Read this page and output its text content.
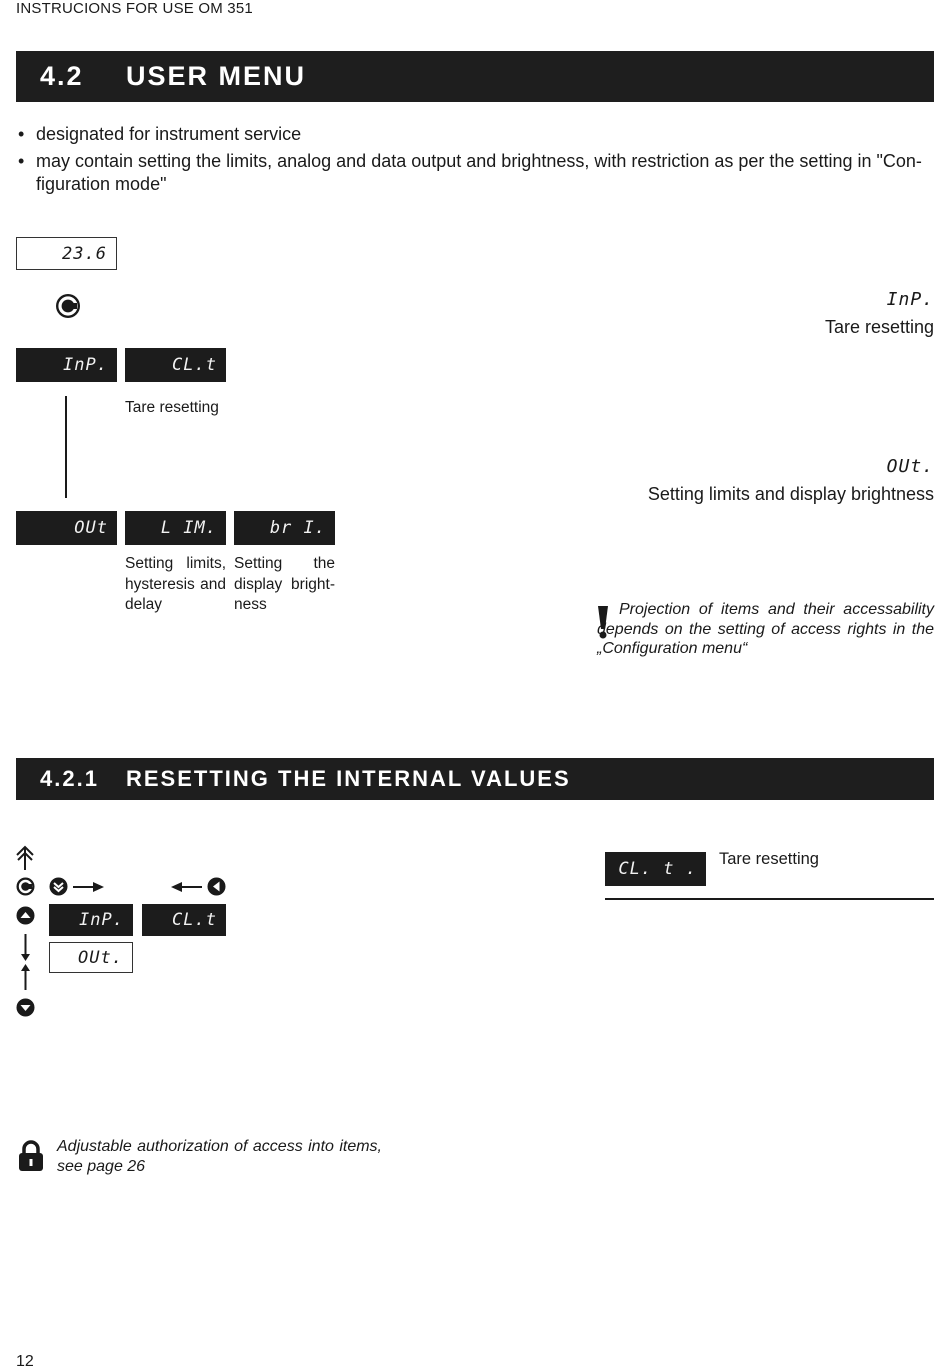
INSTRUCIONS FOR USE OM 351
4.2	USER MENU
• designated for instrument service
• may contain setting the limits, analog and data output and brightness, with restriction as per the setting in "Con-figuration mode"
23.6
InP.	CL.t
Tare resetting
OUt	L IM.	br I.
Setting limits, hysteresis and delay
Setting the display bright-ness
InP.
Tare resetting
OUt.
Setting limits and display brightness
Projection of items and their accessability depends on the setting of access rights in the „Configuration menu“
4.2.1	RESETTING THE INTERNAL VALUES
InP.	CL.t
OUt.
CL. t .	Tare resetting
Adjustable authorization of access into items, see page 26
12
